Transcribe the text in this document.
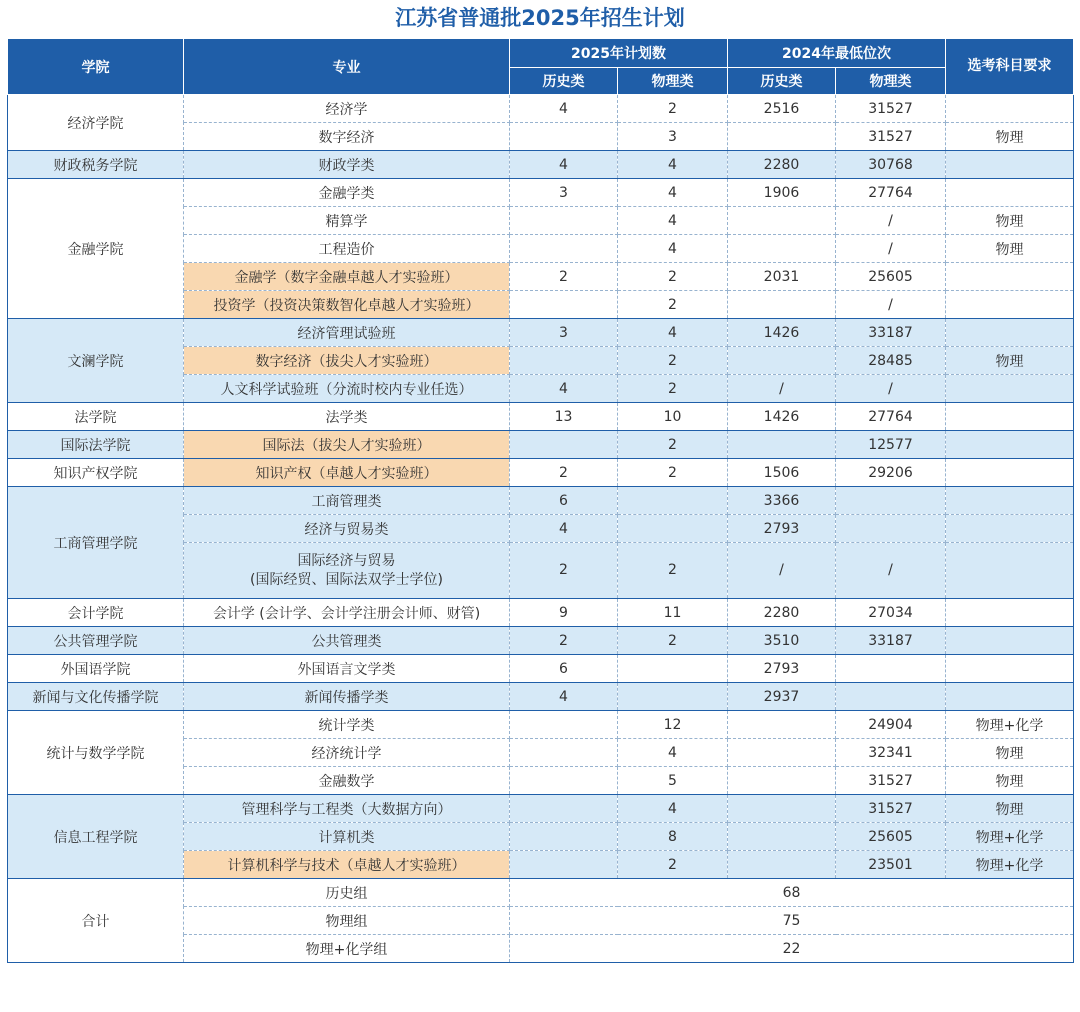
江苏省普通批2025年招生计划
学院	专业	2025年计划数		2024年最低位次		选考科目要求
		历史类	物理类	历史类	物理类	
经济学院	经济学	4	2	2516	31527	
	数字经济		3		31527	物理
财政税务学院	财政学类	4	4	2280	30768	
金融学院	金融学类	3	4	1906	27764	
	精算学		4		/	物理
	工程造价		4		/	物理
	金融学（数字金融卓越人才实验班）	2	2	2031	25605	
	投资学（投资决策数智化卓越人才实验班）		2		/	
文澜学院	经济管理试验班	3	4	1426	33187	
	数字经济（拔尖人才实验班）		2		28485	物理
	人文科学试验班（分流时校内专业任选）	4	2	/	/	
法学院	法学类	13	10	1426	27764	
国际法学院	国际法（拔尖人才实验班）		2		12577	
知识产权学院	知识产权（卓越人才实验班）	2	2	1506	29206	
工商管理学院	工商管理类	6		3366		
	经济与贸易类	4		2793		
	国际经济与贸易
(国际经贸、国际法双学士学位)	2	2	/	/	
会计学院	会计学 (会计学、会计学注册会计师、财管)	9	11	2280	27034	
公共管理学院	公共管理类	2	2	3510	33187	
外国语学院	外国语言文学类	6		2793		
新闻与文化传播学院	新闻传播学类	4		2937		
统计与数学学院	统计学类		12		24904	物理+化学
	经济统计学		4		32341	物理
	金融数学		5		31527	物理
信息工程学院	管理科学与工程类（大数据方向）		4		31527	物理
	计算机类		8		25605	物理+化学
	计算机科学与技术（卓越人才实验班）		2		23501	物理+化学
合计	历史组	68				
	物理组	75				
	物理+化学组	22				
